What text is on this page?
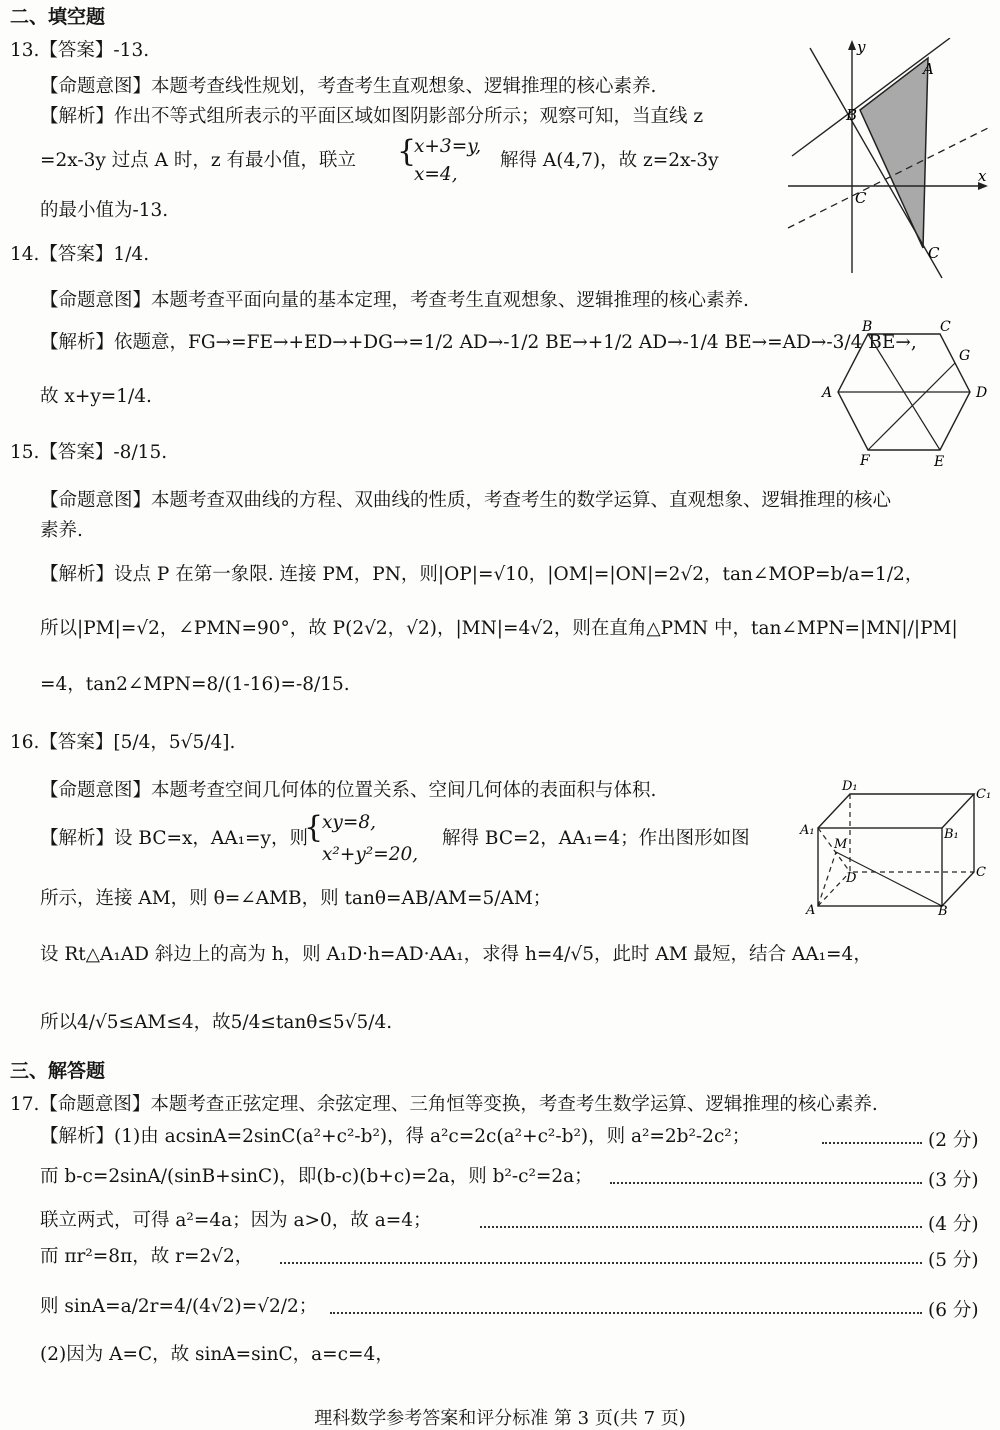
二、填空题
13.【答案】-13.
【命题意图】本题考查线性规划，考查考生直观想象、逻辑推理的核心素养.
【解析】作出不等式组所表示的平面区域如图阴影部分所示；观察可知，当直线 z
=2x-3y 过点 A 时，z 有最小值，联立 {
x+3=y,
x=4,
解得 A(4,7)，故 z=2x-3y
的最小值为-13.
y
x
A
B
C
C
14.【答案】1/4.
【命题意图】本题考查平面向量的基本定理，考查考生直观想象、逻辑推理的核心素养.
【解析】依题意，FG→=FE→+ED→+DG→=1/2 AD→-1/2 BE→+1/2 AD→-1/4 BE→=AD→-3/4 BE→,
故 x+y=1/4.
B	C
G
A	D
F	E
15.【答案】-8/15.
【命题意图】本题考查双曲线的方程、双曲线的性质，考查考生的数学运算、直观想象、逻辑推理的核心
素养.
【解析】设点 P 在第一象限. 连接 PM，PN，则|OP|=√10，|OM|=|ON|=2√2，tan∠MOP=b/a=1/2，
所以|PM|=√2，∠PMN=90°，故 P(2√2，√2)，|MN|=4√2，则在直角△PMN 中，tan∠MPN=|MN|/|PM|
=4，tan2∠MPN=8/(1-16)=-8/15.
16.【答案】[5/4，5√5/4].
【命题意图】本题考查空间几何体的位置关系、空间几何体的表面积与体积.
【解析】设 BC=x，AA₁=y，则
{
xy=8,
x²+y²=20,
解得 BC=2，AA₁=4；作出图形如图
所示，连接 AM，则 θ=∠AMB，则 tanθ=AB/AM=5/AM；
设 Rt△A₁AD 斜边上的高为 h，则 A₁D·h=AD·AA₁，求得 h=4/√5，此时 AM 最短，结合 AA₁=4，
所以4/√5≤AM≤4，故5/4≤tanθ≤5√5/4.
D₁
C₁
A₁	B₁
M
D	C
A	B
三、解答题
17.【命题意图】本题考查正弦定理、余弦定理、三角恒等变换，考查考生数学运算、逻辑推理的核心素养.
【解析】(1)由 acsinA=2sinC(a²+c²-b²)，得 a²c=2c(a²+c²-b²)，则 a²=2b²-2c²；	(2 分)
而 b-c=2sinA/(sinB+sinC)，即(b-c)(b+c)=2a，则 b²-c²=2a；	(3 分)
联立两式，可得 a²=4a；因为 a>0，故 a=4；	(4 分)
而 πr²=8π，故 r=2√2，	(5 分)
则 sinA=a/2r=4/(4√2)=√2/2；	(6 分)
(2)因为 A=C，故 sinA=sinC，a=c=4，
理科数学参考答案和评分标准 第 3 页(共 7 页)
